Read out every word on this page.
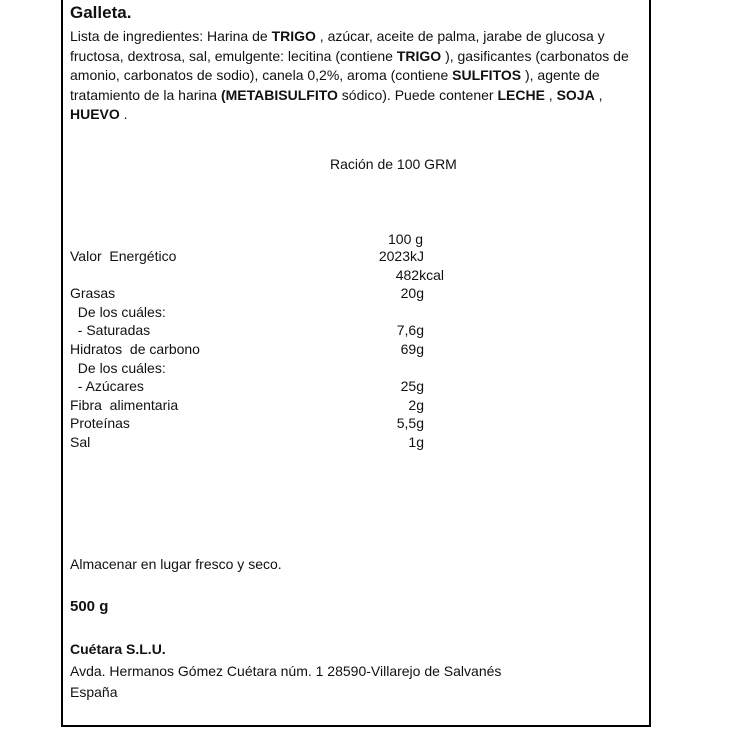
Galleta.
Lista de ingredientes: Harina de TRIGO , azúcar, aceite de palma, jarabe de glucosa y fructosa, dextrosa, sal, emulgente: lecitina (contiene TRIGO ), gasificantes (carbonatos de amonio, carbonatos de sodio), canela 0,2%, aroma (contiene SULFITOS ), agente de tratamiento de la harina (METABISULFITO sódico). Puede contener LECHE , SOJA , HUEVO .
Ración de 100 GRM
100 g
Valor  Energético	2023kJ
482kcal
Grasas	20g
De los cuáles:
- Saturadas	7,6g
Hidratos  de carbono	69g
De los cuáles:
- Azúcares	25g
Fibra  alimentaria	2g
Proteínas	5,5g
Sal	1g
Almacenar en lugar fresco y seco.
500 g
Cuétara S.L.U.
Avda. Hermanos Gómez Cuétara núm. 1 28590-Villarejo de Salvanés
España
